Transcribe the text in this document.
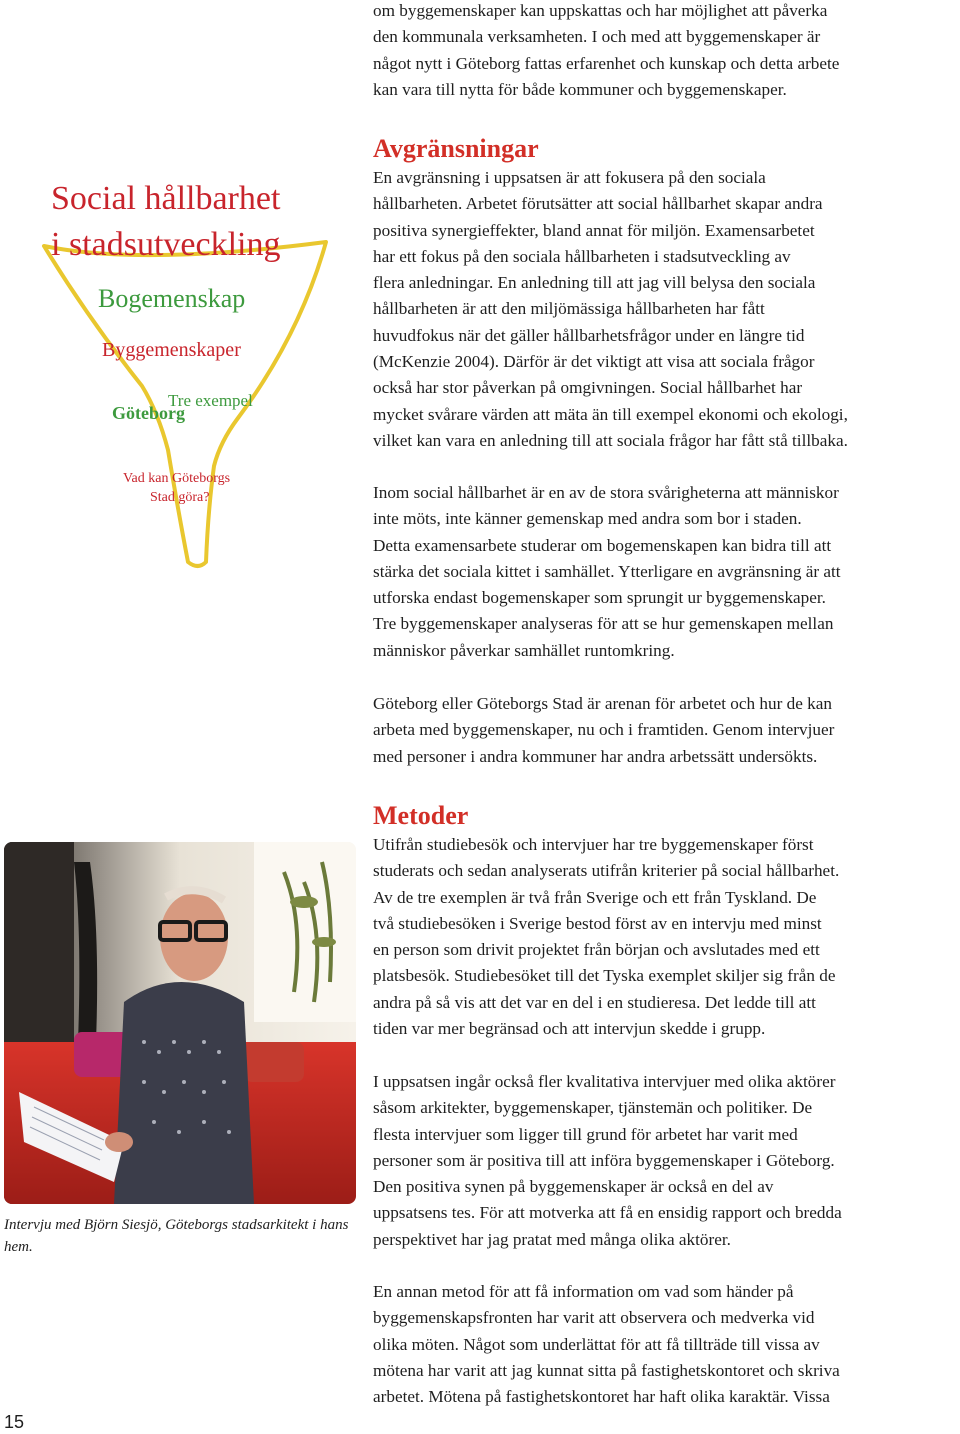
om byggemenskaper kan uppskattas och har möjlighet att påverka
den kommunala verksamheten. I och med att byggemenskaper är
något nytt i Göteborg fattas erfarenhet och kunskap och detta arbete
kan vara till nytta för både kommuner och byggemenskaper.
Social hållbarhet
i stadsutveckling
Bogemenskap
Byggemenskaper
Tre exempel
Göteborg
Vad kan Göteborgs
Stad göra?
Avgränsningar
En avgränsning i uppsatsen är att fokusera på den sociala
hållbarheten. Arbetet förutsätter att social hållbarhet skapar andra
positiva synergieffekter, bland annat för miljön. Examensarbetet
har ett fokus på den sociala hållbarheten i stadsutveckling av
flera anledningar. En anledning till att jag vill belysa den sociala
hållbarheten är att den miljömässiga hållbarheten har fått
huvudfokus när det gäller hållbarhetsfrågor under en längre tid
(McKenzie 2004). Därför är det viktigt att visa att sociala frågor
också har stor påverkan på omgivningen. Social hållbarhet har
mycket svårare värden att mäta än till exempel ekonomi och ekologi,
vilket kan vara en anledning till att sociala frågor har fått stå tillbaka.
Inom social hållbarhet är en av de stora svårigheterna att människor
inte möts, inte känner gemenskap med andra som bor i staden.
Detta examensarbete studerar om bogemenskapen kan bidra till att
stärka det sociala kittet i samhället. Ytterligare en avgränsning är att
utforska endast bogemenskaper som sprungit ur byggemenskaper.
Tre byggemenskaper analyseras för att se hur gemenskapen mellan
människor påverkar samhället runtomkring.
Göteborg eller Göteborgs Stad är arenan för arbetet och hur de kan
arbeta med byggemenskaper, nu och i framtiden. Genom intervjuer
med personer i andra kommuner har andra arbetssätt undersökts.
Metoder
Utifrån studiebesök och intervjuer har tre byggemenskaper först
studerats och sedan analyserats utifrån kriterier på social hållbarhet.
Av de tre exemplen är två från Sverige och ett från Tyskland. De
två studiebesöken i Sverige bestod först av en intervju med minst
en person som drivit projektet från början och avslutades med ett
platsbesök. Studiebesöket till det Tyska exemplet skiljer sig från de
andra på så vis att det var en del i en studieresa. Det ledde till att
tiden var mer begränsad och att intervjun skedde i grupp.
I uppsatsen ingår också fler kvalitativa intervjuer med olika aktörer
såsom arkitekter, byggemenskaper, tjänstemän och politiker. De
flesta intervjuer som ligger till grund för arbetet har varit med
personer som är positiva till att införa byggemenskaper i Göteborg.
Den positiva synen på byggemenskaper är också en del av
uppsatsens tes. För att motverka att få en ensidig rapport och bredda
perspektivet har jag pratat med många olika aktörer.
En annan metod för att få information om vad som händer på
byggemenskapsfronten har varit att observera och medverka vid
olika möten. Något som underlättat för att få tillträde till vissa av
mötena har varit att jag kunnat sitta på fastighetskontoret och skriva
arbetet. Mötena på fastighetskontoret har haft olika karaktär. Vissa

Intervju med Björn Siesjö, Göteborgs stadsarkitekt i hans hem.

15
